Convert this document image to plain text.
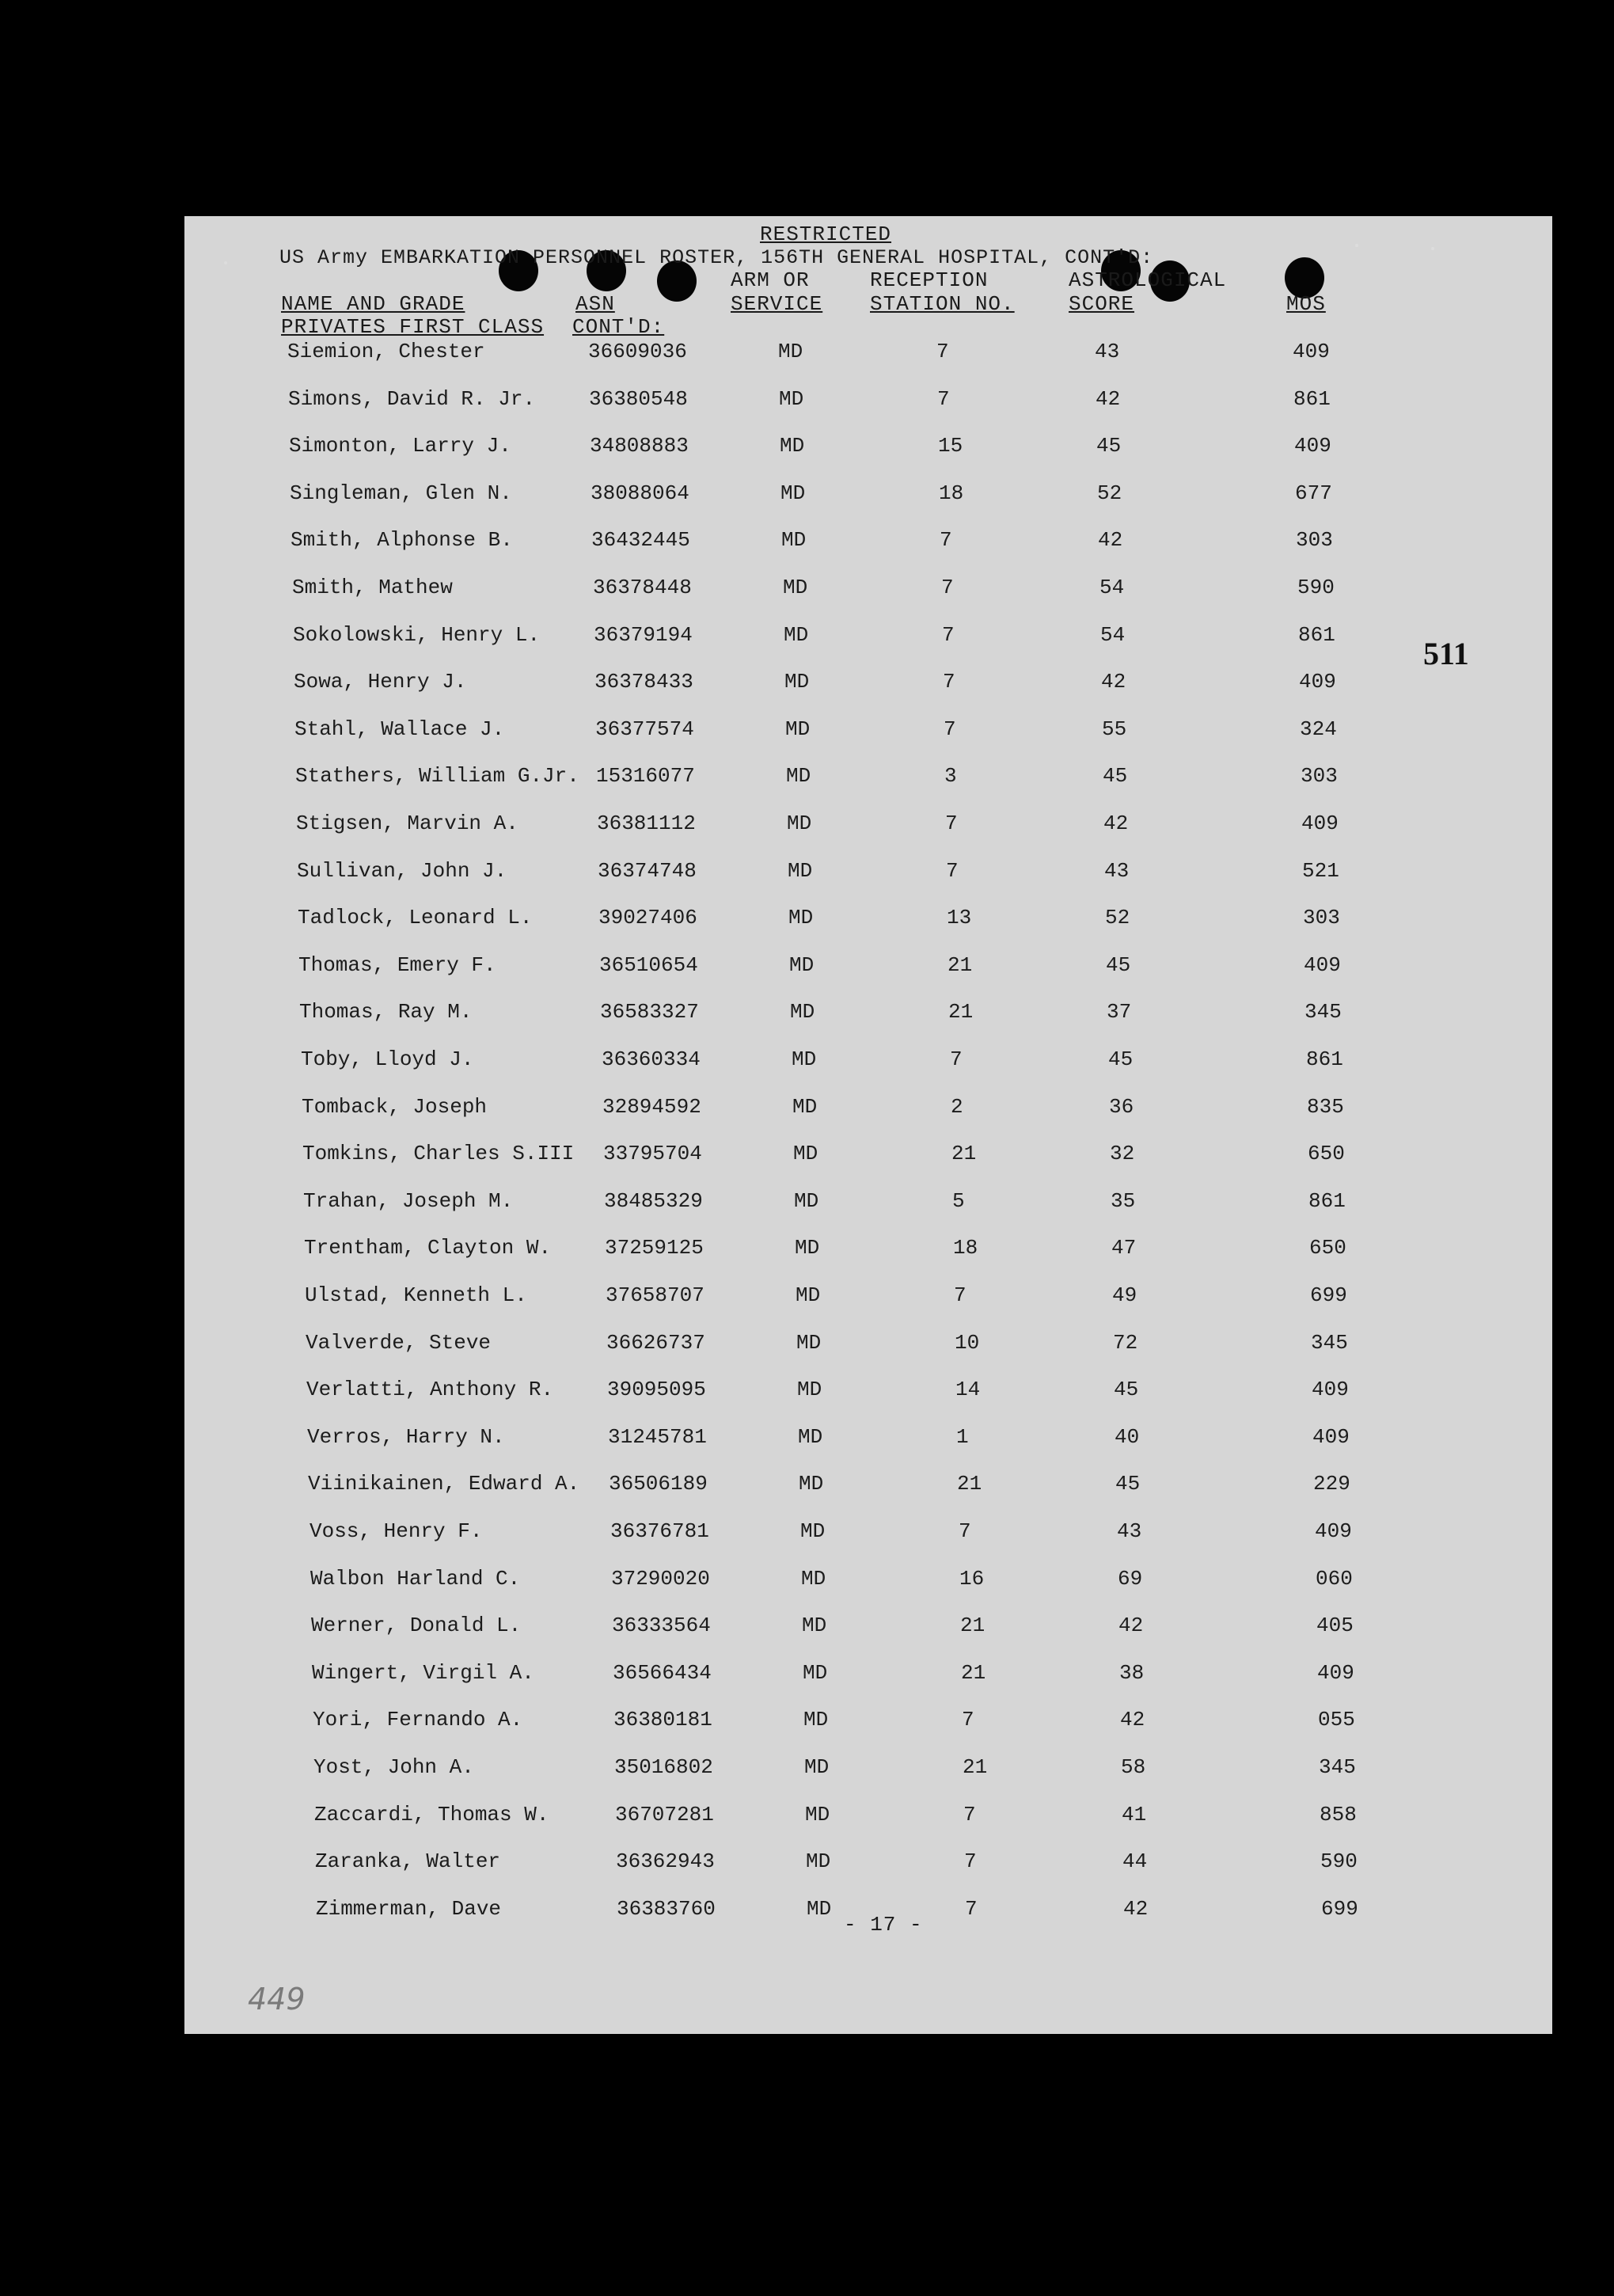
RESTRICTED
US Army EMBARKATION PERSONNEL ROSTER, 156TH GENERAL HOSPITAL, CONT'D:
ARM OR	RECEPTION	ASTROLOGICAL
NAME AND GRADE	ASN	SERVICE STATION NO.	SCORE	MOS
PRIVATES FIRST CLASS CONT'D:
Siemion, Chester	36609036	MD	7	43	409
Simons, David R. Jr.	36380548	MD	7	42	861
Simonton, Larry J.	34808883	MD	15	45	409
Singleman, Glen N.	38088064	MD	18	52	677
Smith, Alphonse B.	36432445	MD	7	42	303
Smith, Mathew	36378448	MD	7	54	590
Sokolowski, Henry L.	36379194	MD	7	54	861
Sowa, Henry J.	36378433	MD	7	42	409
Stahl, Wallace J.	36377574	MD	7	55	324
Stathers, William G.Jr. 15316077	MD	3	45	303
Stigsen, Marvin A.	36381112	MD	7	42	409
Sullivan, John J.	36374748	MD	7	43	521
Tadlock, Leonard L.	39027406	MD	13	52	303
Thomas, Emery F.	36510654	MD	21	45	409
Thomas, Ray M.	36583327	MD	21	37	345
Toby, Lloyd J.	36360334	MD	7	45	861
Tomback, Joseph	32894592	MD	2	36	835
Tomkins, Charles S.III 33795704	MD	21	32	650
Trahan, Joseph M.	38485329	MD	5	35	861
Trentham, Clayton W.	37259125	MD	18	47	650
Ulstad, Kenneth L.	37658707	MD	7	49	699
Valverde, Steve	36626737	MD	10	72	345
Verlatti, Anthony R.	39095095	MD	14	45	409
Verros, Harry N.	31245781	MD	1	40	409
Viinikainen, Edward A. 36506189	MD	21	45	229
Voss, Henry F.	36376781	MD	7	43	409
Walbon Harland C.	37290020	MD	16	69	060
Werner, Donald L.	36333564	MD	21	42	405
Wingert, Virgil A.	36566434	MD	21	38	409
Yori, Fernando A.	36380181	MD	7	42	055
Yost, John A.	35016802	MD	21	58	345
Zaccardi, Thomas W.	36707281	MD	7	41	858
Zaranka, Walter	36362943	MD	7	44	590
Zimmerman, Dave	36383760	MD	7	42	699
- 17 -
449
511
